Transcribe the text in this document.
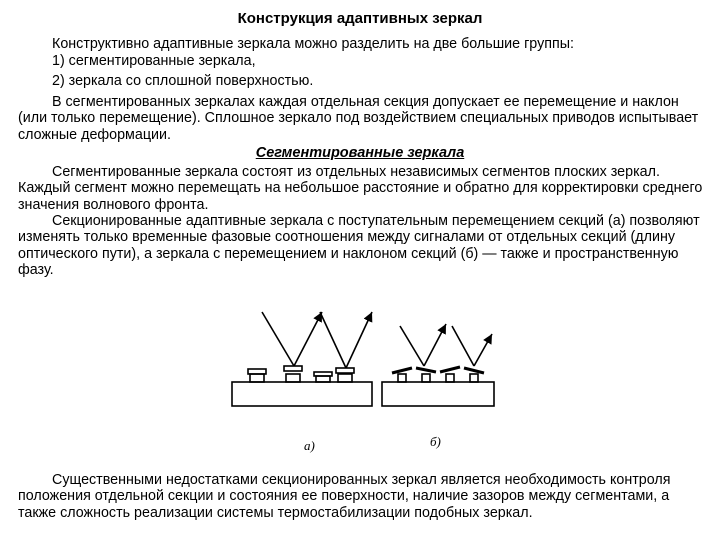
Конструкция адаптивных зеркал

Конструктивно адаптивные зеркала можно разделить на две большие группы:

1) сегментированные зеркала,

2) зеркала со сплошной поверхностью.

В сегментированных зеркалах каждая отдельная секция допускает ее перемещение и наклон (или только перемещение). Сплошное зеркало под воздействием специальных приводов испытывает сложные деформации.

Сегментированные зеркала

Сегментированные зеркала состоят из отдельных независимых сегментов плоских зеркал. Каждый сегмент можно перемещать на небольшое расстояние и обратно для корректировки среднего значения волнового фронта.

Секционированные адаптивные зеркала с поступательным перемещением секций (а) позволяют изменять только временные фазовые соотношения между сигналами от отдельных секций (длину оптического пути), а зеркала с перемещением и наклоном секций (б) — также и пространственную фазу.

а)	б)

Существенными недостатками секционированных зеркал является необходимость контроля положения отдельной секции и состояния ее поверхности, наличие зазоров между сегментами, а также сложность реализации системы термостабилизации подобных зеркал.
